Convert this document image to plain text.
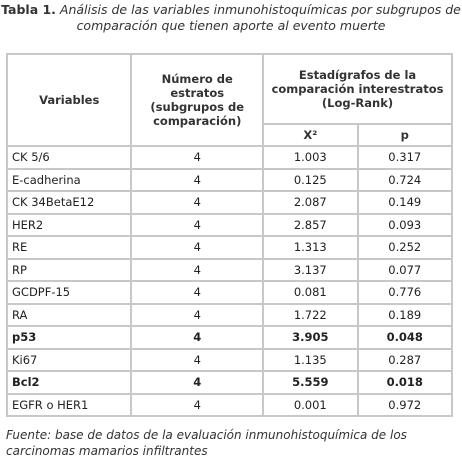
Tabla 1. Análisis de las variables inmunohistoquímicas por subgrupos de comparación que tienen aporte al evento muerte
Variables	Número de estratos (subgrupos de comparación)	Estadígrafos de la comparación interestratos (Log-Rank)	
		X²	p
CK 5/6	4	1.003	0.317
E-cadherina	4	0.125	0.724
CK 34BetaE12	4	2.087	0.149
HER2	4	2.857	0.093
RE	4	1.313	0.252
RP	4	3.137	0.077
GCDPF-15	4	0.081	0.776
RA	4	1.722	0.189
p53	4	3.905	0.048
Ki67	4	1.135	0.287
Bcl2	4	5.559	0.018
EGFR o HER1	4	0.001	0.972
Fuente: base de datos de la evaluación inmunohistoquímica de los carcinomas mamarios infiltrantes
